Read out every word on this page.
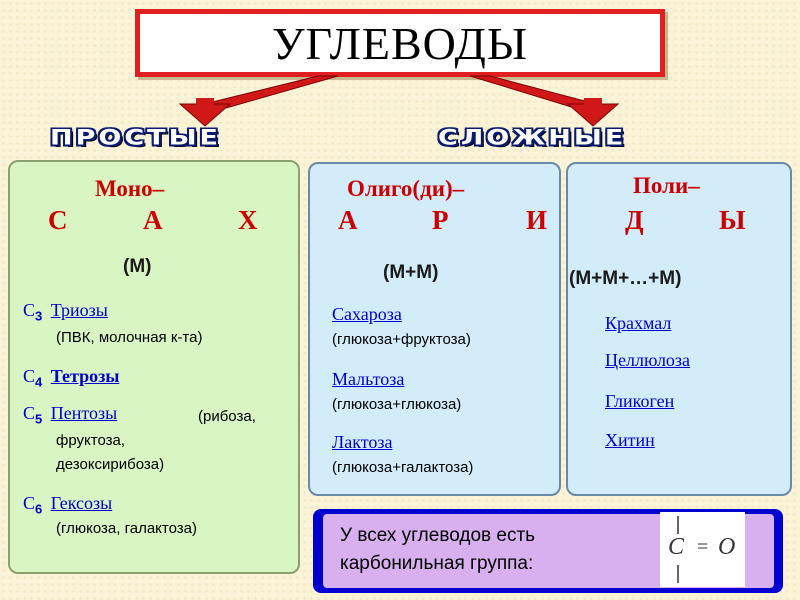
УГЛЕВОДЫ
ПРОСТЫЕ	СЛОЖНЫЕ
Моно–
С	А	Х
(М)
$С_3$ Триозы
(ПВК, молочная к-та)
$С_4$ Тетрозы
$С_5$ Пентозы	(рибоза,
фруктоза,
дезоксирибоза)
$С_6$ Гексозы
(глюкоза, галактоза)
Олиго(ди)–
А	Р	И
(М+М)
Сахароза
(глюкоза+фруктоза)
Мальтоза
(глюкоза+глюкоза)
Лактоза
(глюкоза+галактоза)
Поли–
Д	Ы
(М+М+…+М)
Крахмал
Целлюлоза
Гликоген
Хитин
У всех углеводов есть
карбонильная группа:
C = O
